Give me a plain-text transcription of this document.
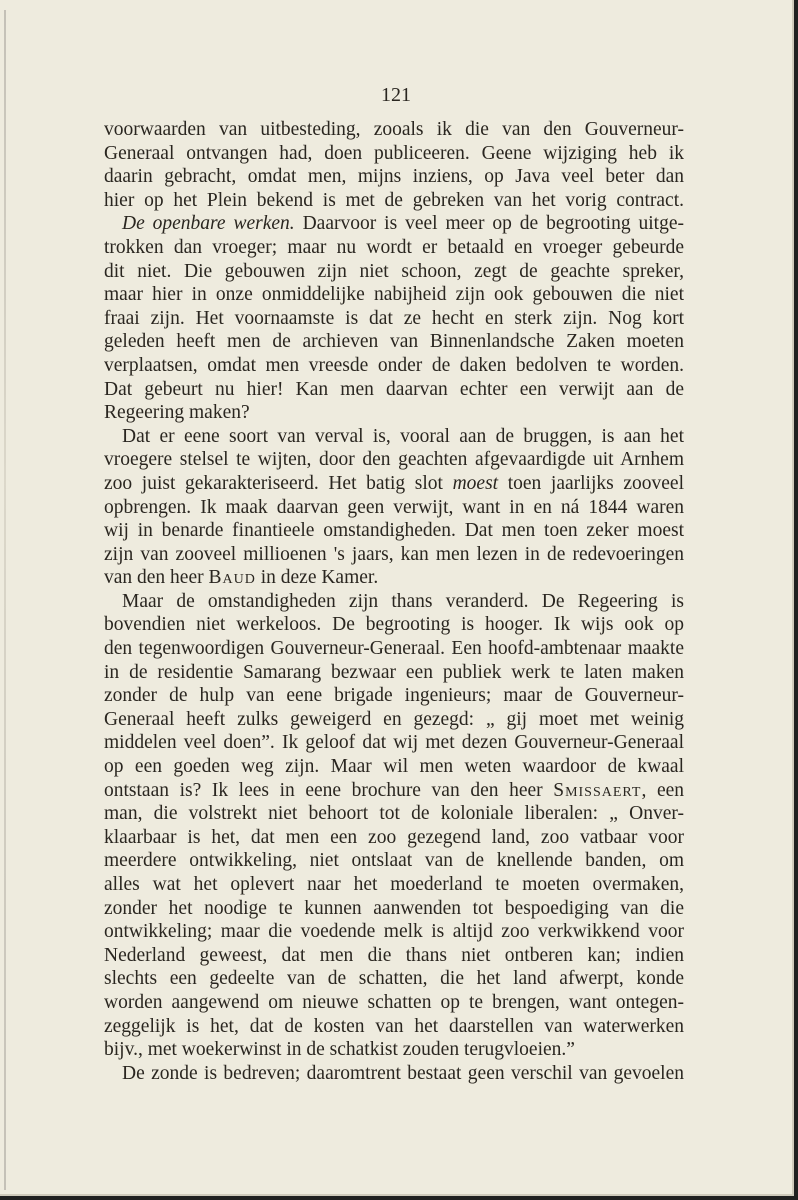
121
voorwaarden van uitbesteding, zooals ik die van den Gouverneur-
Generaal ontvangen had, doen publiceeren. Geene wijziging heb ik
daarin gebracht, omdat men, mijns inziens, op Java veel beter dan
hier op het Plein bekend is met de gebreken van het vorig contract.
De openbare werken. Daarvoor is veel meer op de begrooting uitge-
trokken dan vroeger; maar nu wordt er betaald en vroeger gebeurde
dit niet. Die gebouwen zijn niet schoon, zegt de geachte spreker,
maar hier in onze onmiddelijke nabijheid zijn ook gebouwen die niet
fraai zijn. Het voornaamste is dat ze hecht en sterk zijn. Nog kort
geleden heeft men de archieven van Binnenlandsche Zaken moeten
verplaatsen, omdat men vreesde onder de daken bedolven te worden.
Dat gebeurt nu hier! Kan men daarvan echter een verwijt aan de
Regeering maken?
Dat er eene soort van verval is, vooral aan de bruggen, is aan het
vroegere stelsel te wijten, door den geachten afgevaardigde uit Arnhem
zoo juist gekarakteriseerd. Het batig slot moest toen jaarlijks zooveel
opbrengen. Ik maak daarvan geen verwijt, want in en ná 1844 waren
wij in benarde finantieele omstandigheden. Dat men toen zeker moest
zijn van zooveel millioenen 's jaars, kan men lezen in de redevoeringen
van den heer Baud in deze Kamer.
Maar de omstandigheden zijn thans veranderd. De Regeering is
bovendien niet werkeloos. De begrooting is hooger. Ik wijs ook op
den tegenwoordigen Gouverneur-Generaal. Een hoofd-ambtenaar maakte
in de residentie Samarang bezwaar een publiek werk te laten maken
zonder de hulp van eene brigade ingenieurs; maar de Gouverneur-
Generaal heeft zulks geweigerd en gezegd: „ gij moet met weinig
middelen veel doen”. Ik geloof dat wij met dezen Gouverneur-Generaal
op een goeden weg zijn. Maar wil men weten waardoor de kwaal
ontstaan is? Ik lees in eene brochure van den heer Smissaert, een
man, die volstrekt niet behoort tot de koloniale liberalen: „ Onver-
klaarbaar is het, dat men een zoo gezegend land, zoo vatbaar voor
meerdere ontwikkeling, niet ontslaat van de knellende banden, om
alles wat het oplevert naar het moederland te moeten overmaken,
zonder het noodige te kunnen aanwenden tot bespoediging van die
ontwikkeling; maar die voedende melk is altijd zoo verkwikkend voor
Nederland geweest, dat men die thans niet ontberen kan; indien
slechts een gedeelte van de schatten, die het land afwerpt, konde
worden aangewend om nieuwe schatten op te brengen, want ontegen-
zeggelijk is het, dat de kosten van het daarstellen van waterwerken
bijv., met woekerwinst in de schatkist zouden terugvloeien.”
De zonde is bedreven; daaromtrent bestaat geen verschil van gevoelen
